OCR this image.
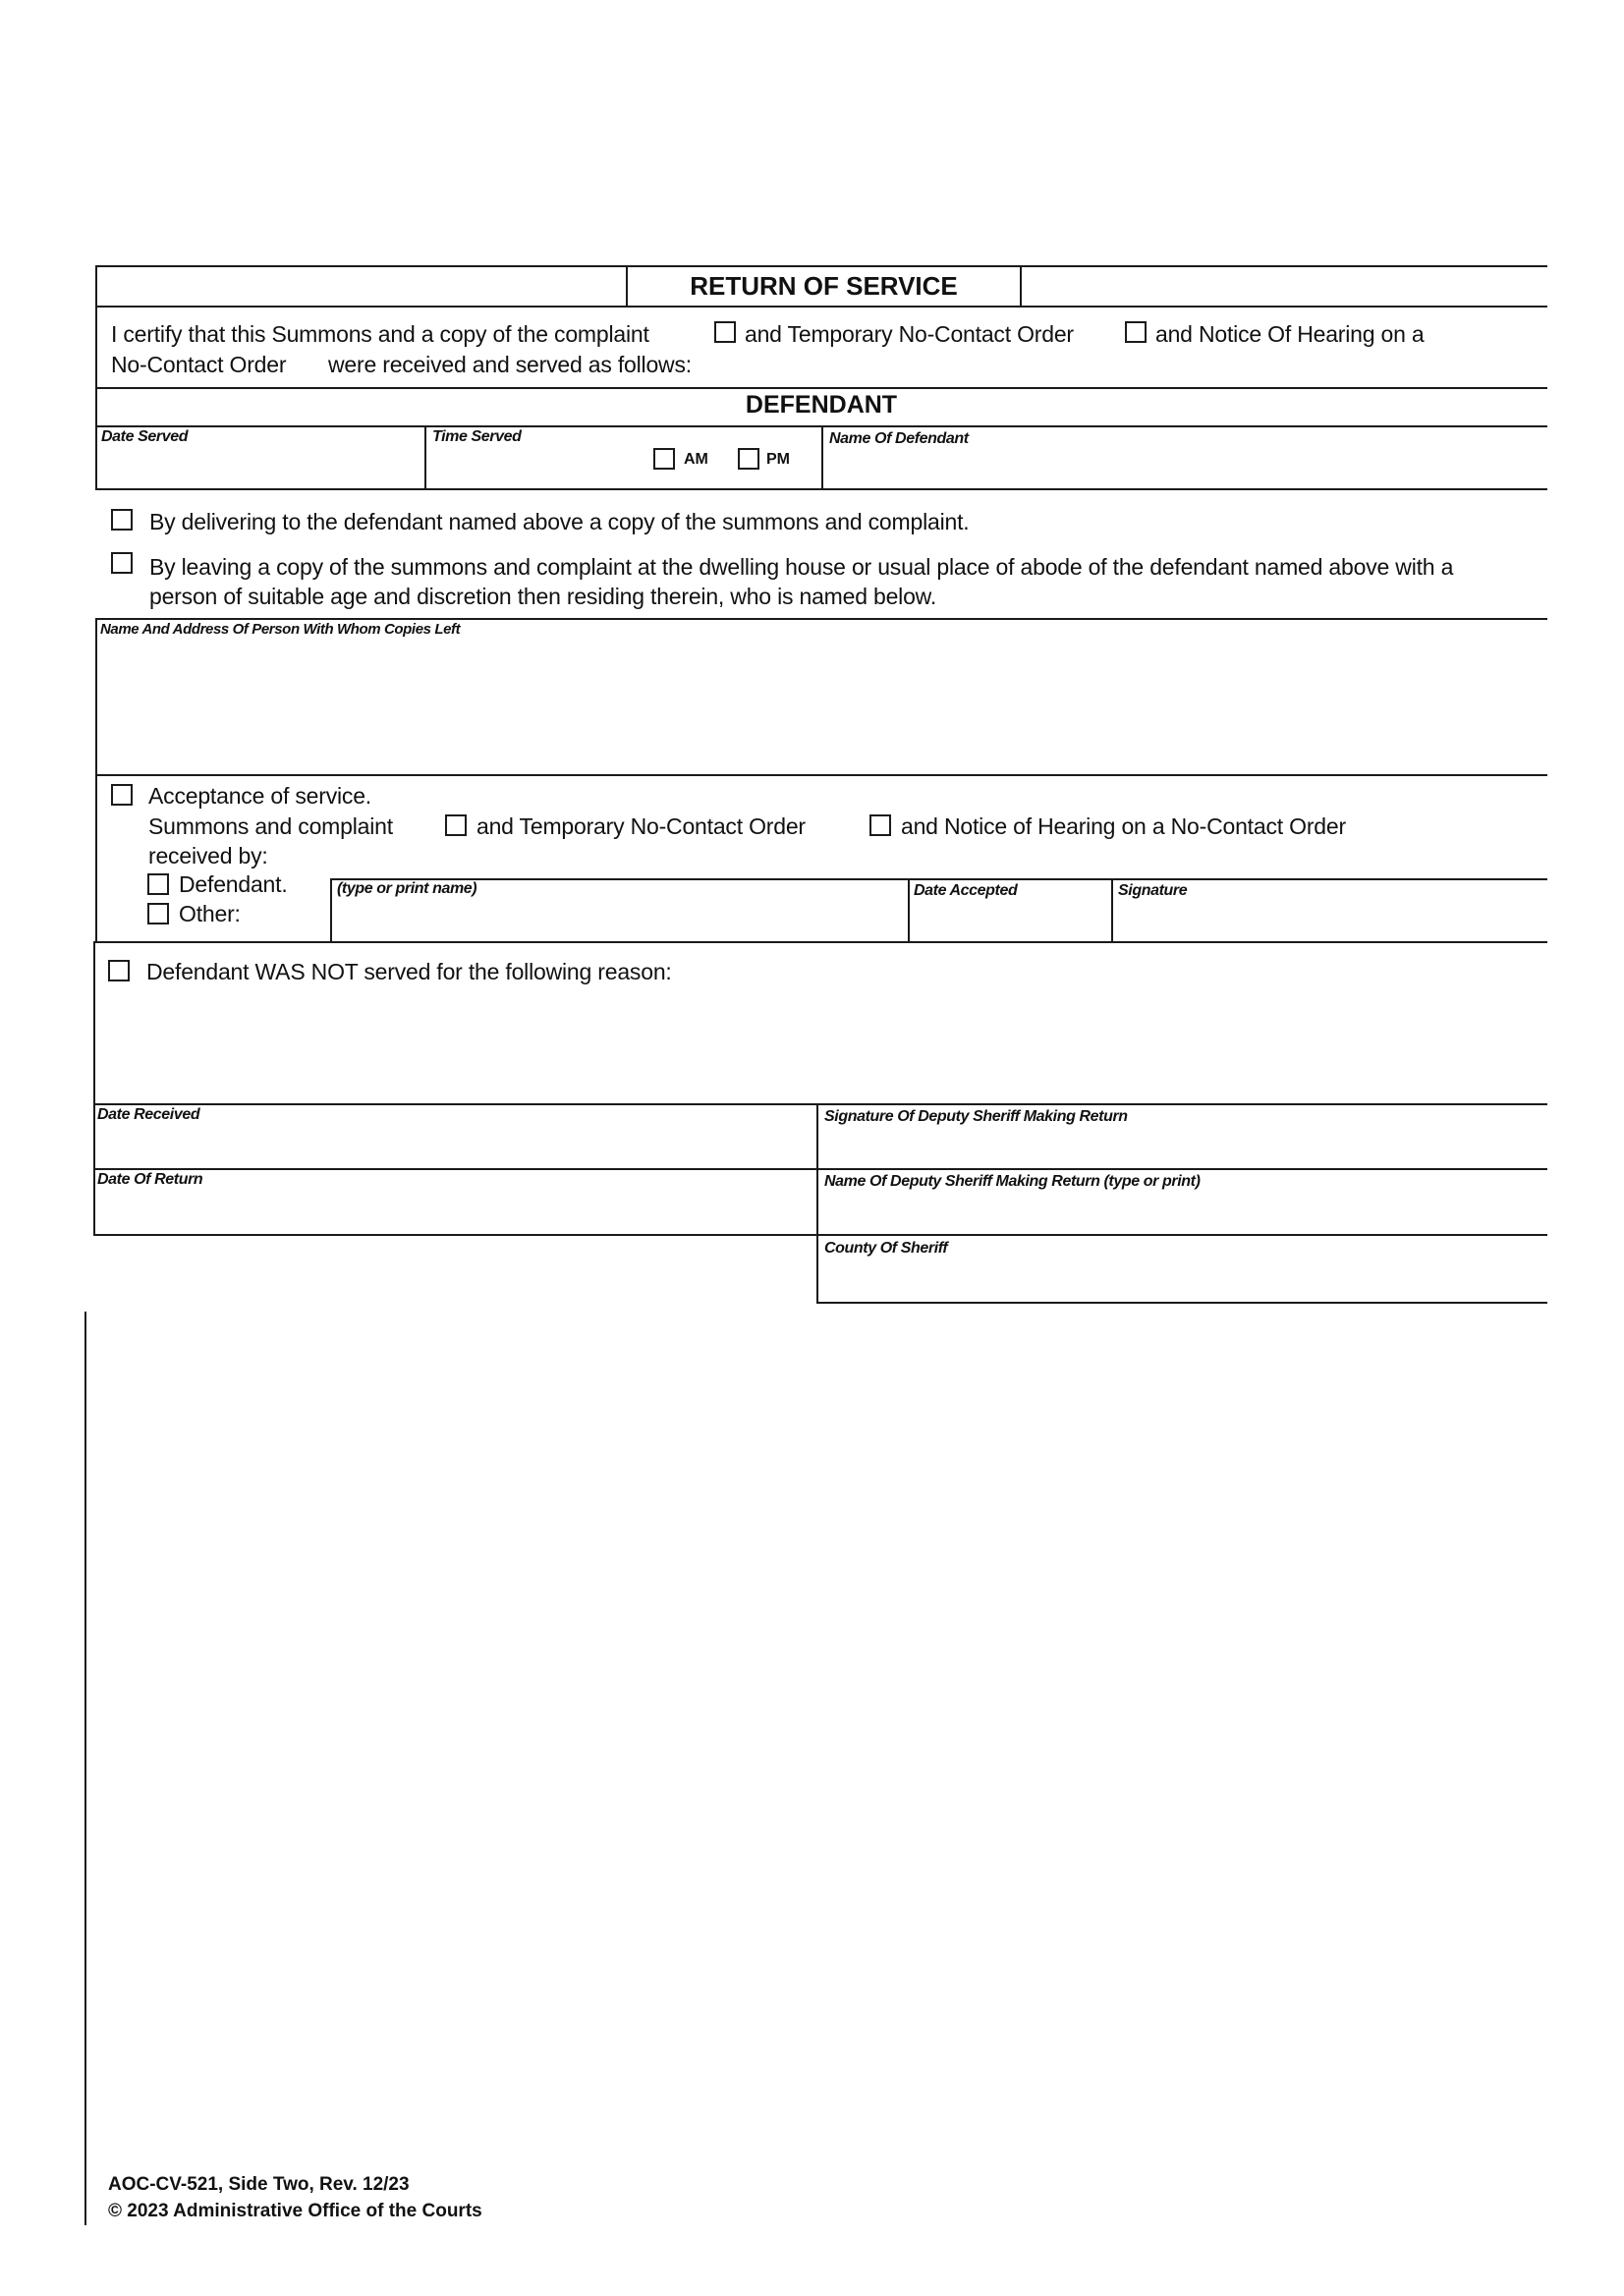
RETURN OF SERVICE
I certify that this Summons and a copy of the complaint	and Temporary No-Contact Order	and Notice Of Hearing on a
No-Contact Order were received and served as follows:
DEFENDANT
Date Served	Time Served	Name Of Defendant
AM	PM
By delivering to the defendant named above a copy of the summons and complaint.
By leaving a copy of the summons and complaint at the dwelling house or usual place of abode of the defendant named above with a
person of suitable age and discretion then residing therein, who is named below.
Name And Address Of Person With Whom Copies Left
Acceptance of service.
Summons and complaint	and Temporary No-Contact Order	and Notice of Hearing on a No-Contact Order
received by:
Defendant.
Other:
(type or print name)	Date Accepted	Signature
Defendant WAS NOT served for the following reason:
Date Received	Signature Of Deputy Sheriff Making Return
Date Of Return	Name Of Deputy Sheriff Making Return (type or print)
County Of Sheriff
AOC-CV-521, Side Two, Rev. 12/23
© 2023 Administrative Office of the Courts
